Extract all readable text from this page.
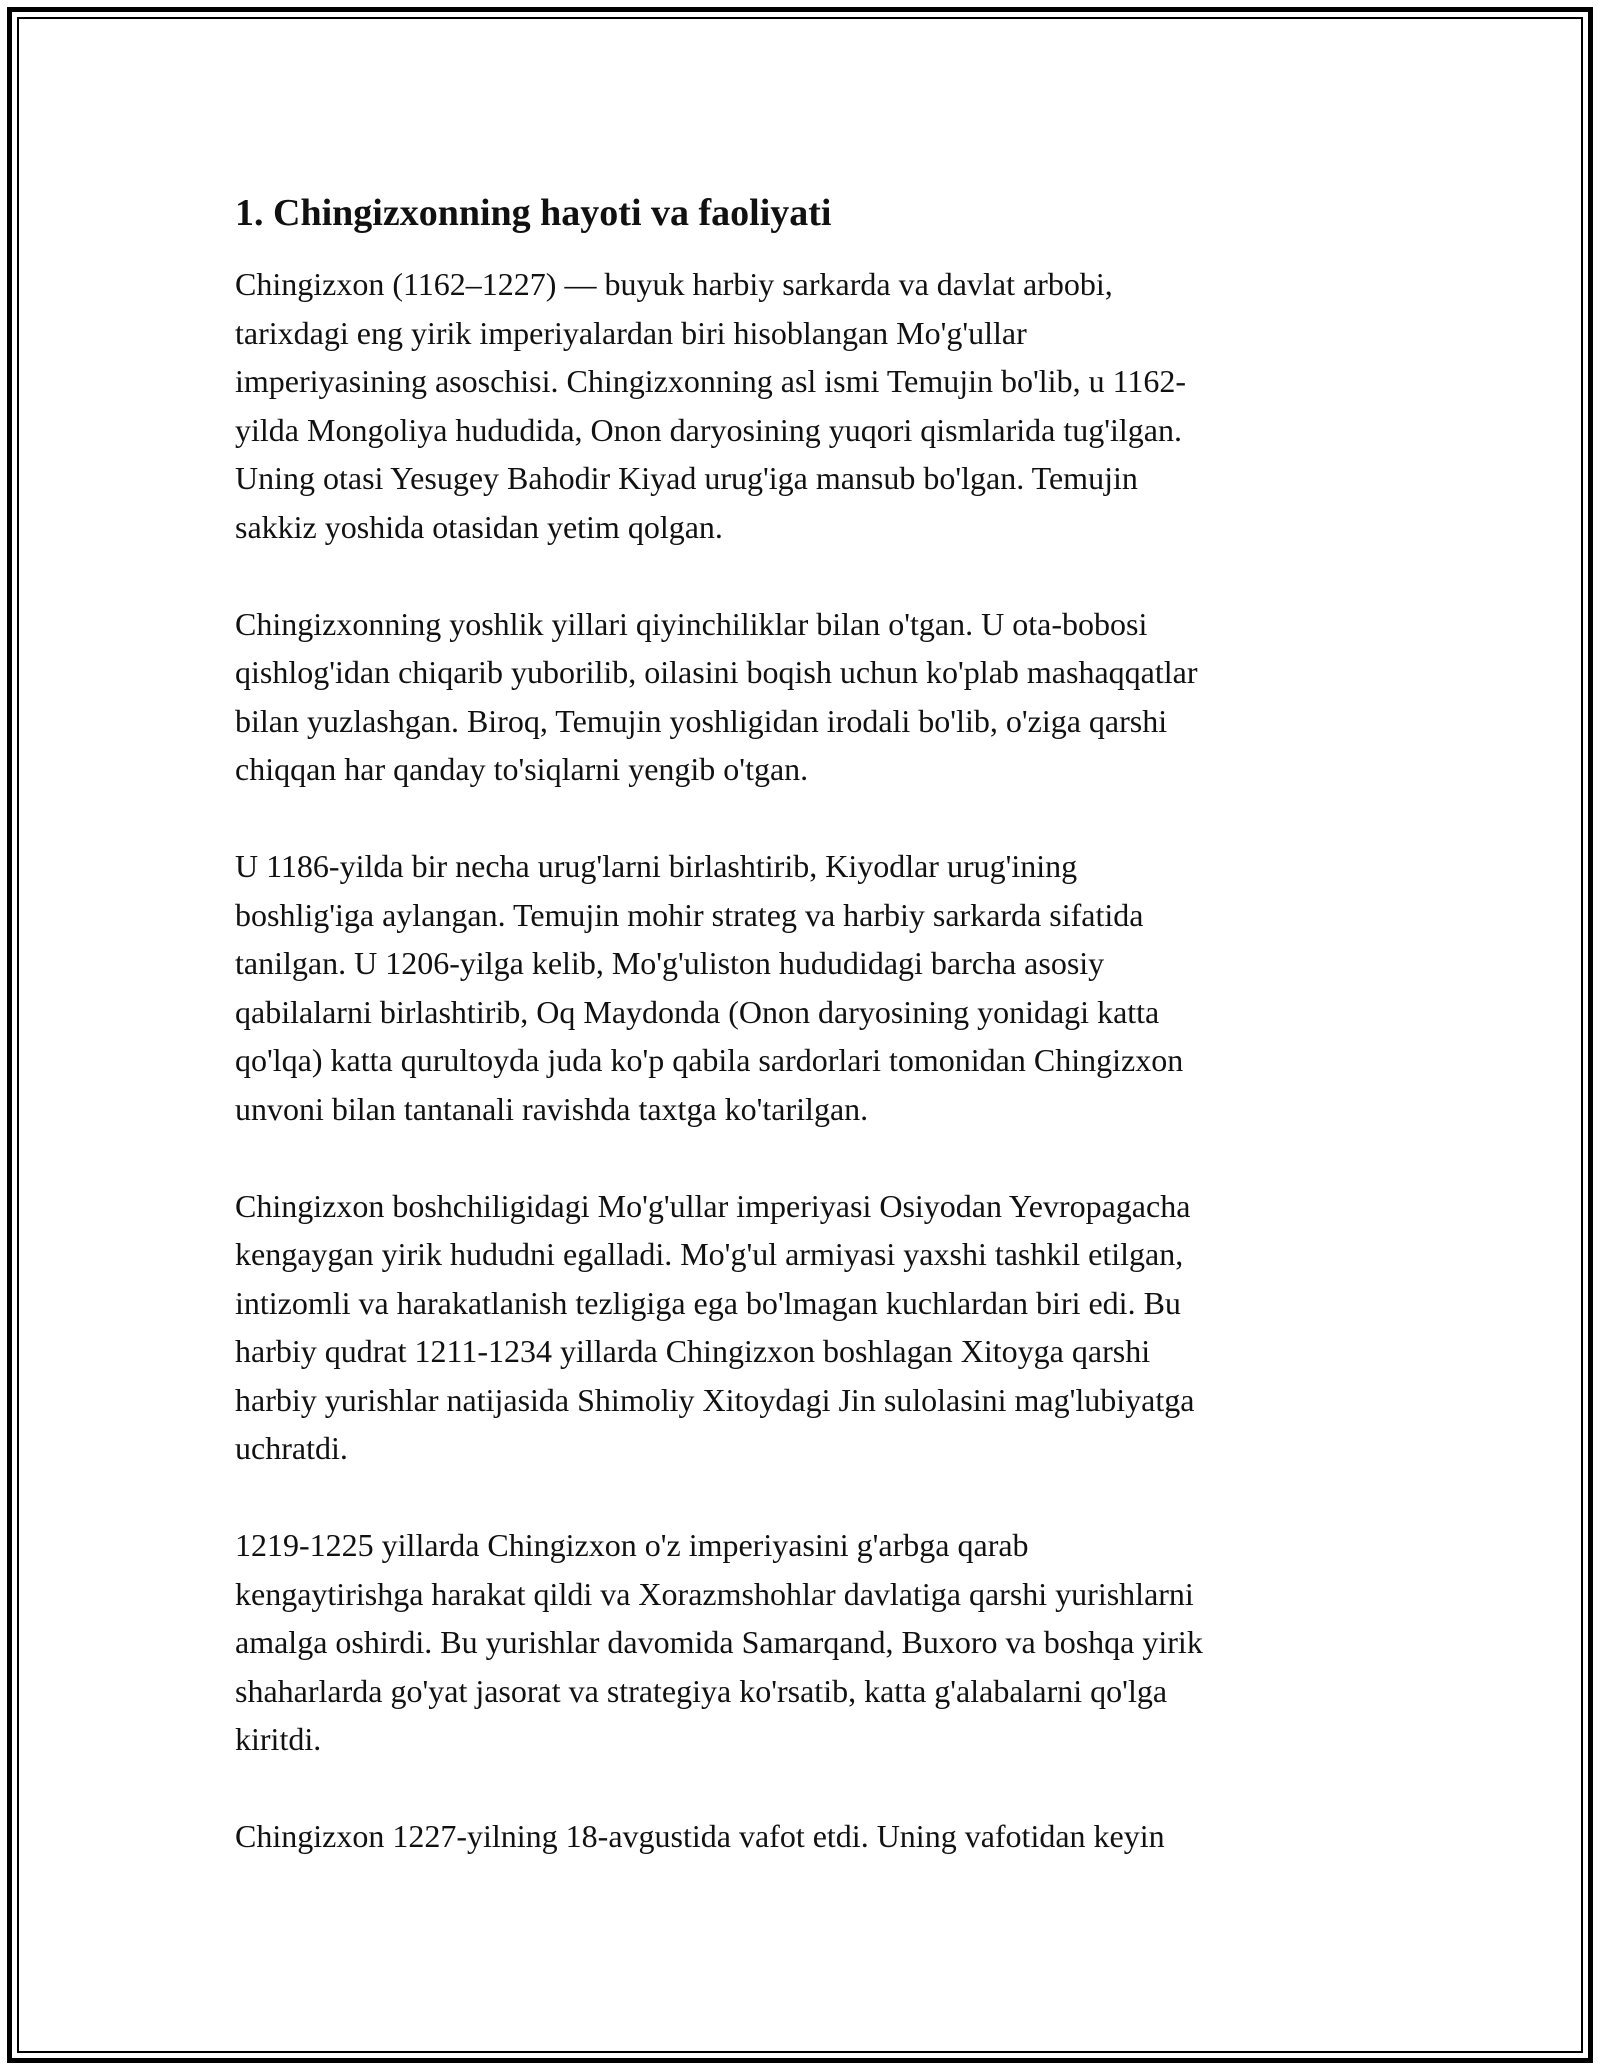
1. Chingizxonning hayoti va faoliyati
Chingizxon (1162–1227) — buyuk harbiy sarkarda va davlat arbobi,
tarixdagi eng yirik imperiyalardan biri hisoblangan Mo'g'ullar
imperiyasining asoschisi. Chingizxonning asl ismi Temujin bo'lib, u 1162-
yilda Mongoliya hududida, Onon daryosining yuqori qismlarida tug'ilgan.
Uning otasi Yesugey Bahodir Kiyad urug'iga mansub bo'lgan. Temujin
sakkiz yoshida otasidan yetim qolgan.
Chingizxonning yoshlik yillari qiyinchiliklar bilan o'tgan. U ota-bobosi
qishlog'idan chiqarib yuborilib, oilasini boqish uchun ko'plab mashaqqatlar
bilan yuzlashgan. Biroq, Temujin yoshligidan irodali bo'lib, o'ziga qarshi
chiqqan har qanday to'siqlarni yengib o'tgan.
U 1186-yilda bir necha urug'larni birlashtirib, Kiyodlar urug'ining
boshlig'iga aylangan. Temujin mohir strateg va harbiy sarkarda sifatida
tanilgan. U 1206-yilga kelib, Mo'g'uliston hududidagi barcha asosiy
qabilalarni birlashtirib, Oq Maydonda (Onon daryosining yonidagi katta
qo'lqa) katta qurultoyda juda ko'p qabila sardorlari tomonidan Chingizxon
unvoni bilan tantanali ravishda taxtga ko'tarilgan.
Chingizxon boshchiligidagi Mo'g'ullar imperiyasi Osiyodan Yevropagacha
kengaygan yirik hududni egalladi. Mo'g'ul armiyasi yaxshi tashkil etilgan,
intizomli va harakatlanish tezligiga ega bo'lmagan kuchlardan biri edi. Bu
harbiy qudrat 1211-1234 yillarda Chingizxon boshlagan Xitoyga qarshi
harbiy yurishlar natijasida Shimoliy Xitoydagi Jin sulolasini mag'lubiyatga
uchratdi.
1219-1225 yillarda Chingizxon o'z imperiyasini g'arbga qarab
kengaytirishga harakat qildi va Xorazmshohlar davlatiga qarshi yurishlarni
amalga oshirdi. Bu yurishlar davomida Samarqand, Buxoro va boshqa yirik
shaharlarda go'yat jasorat va strategiya ko'rsatib, katta g'alabalarni qo'lga
kiritdi.
Chingizxon 1227-yilning 18-avgustida vafot etdi. Uning vafotidan keyin
